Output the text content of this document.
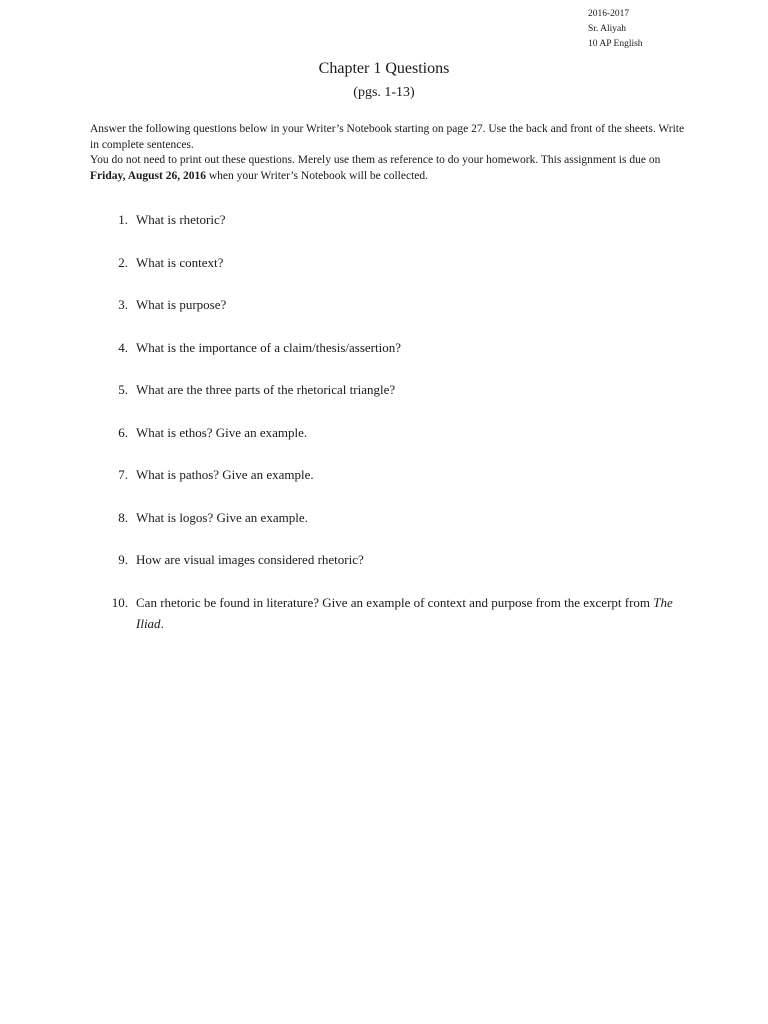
2016-2017
Sr. Aliyah
10 AP English
Chapter 1 Questions
(pgs. 1-13)

Answer the following questions below in your Writer’s Notebook starting on page 27. Use the back and front of the sheets. Write in complete sentences.

You do not need to print out these questions. Merely use them as reference to do your homework. This assignment is due on Friday, August 26, 2016 when your Writer’s Notebook will be collected.

1. What is rhetoric?
2. What is context?
3. What is purpose?
4. What is the importance of a claim/thesis/assertion?
5. What are the three parts of the rhetorical triangle?
6. What is ethos? Give an example.
7. What is pathos? Give an example.
8. What is logos? Give an example.
9. How are visual images considered rhetoric?
10. Can rhetoric be found in literature? Give an example of context and purpose from the excerpt from The Iliad.
